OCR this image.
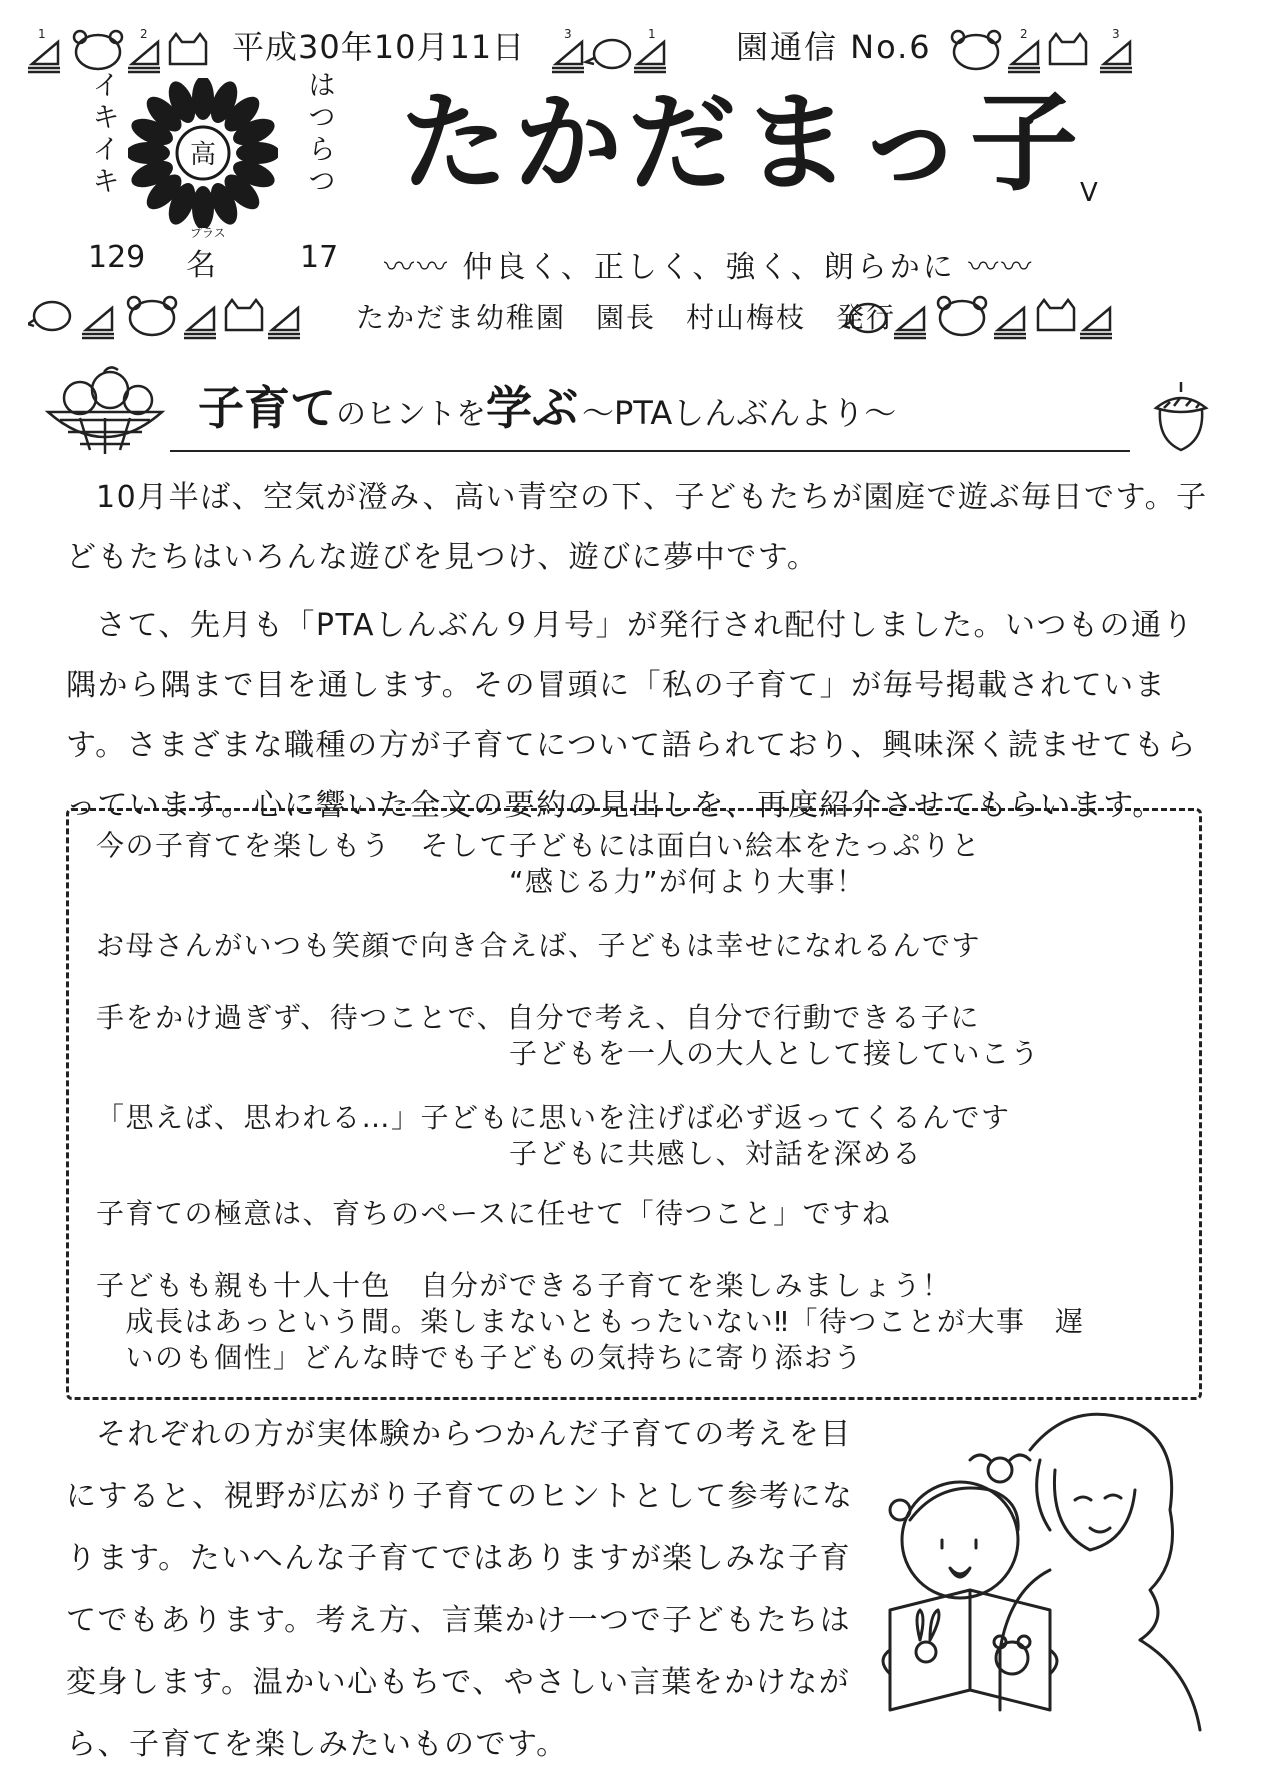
1	2	3	1	2	3
平成30年10月11日	園通信 No.6
高
イキイキ	はつらつ たかだまっ子
V
129
プラス
名	17 〰〰 仲良く、正しく、強く、朗らかに 〰〰
たかだま幼稚園　園長　村山梅枝　発行
子育てのヒントを学ぶ 〜PTAしんぶんより〜
10月半ば、空気が澄み、高い青空の下、子どもたちが園庭で遊ぶ毎日です。子どもたちはいろんな遊びを見つけ、遊びに夢中です。
さて、先月も「PTAしんぶん９月号」が発行され配付しました。いつもの通り隅から隅まで目を通します。その冒頭に「私の子育て」が毎号掲載されています。さまざまな職種の方が子育てについて語られており、興味深く読ませてもらっています。心に響いた全文の要約の見出しを、再度紹介させてもらいます。
今の子育てを楽しもう　そして子どもには面白い絵本をたっぷりと
　　　　　　　　　　　　　　“感じる力”が何より大事！
お母さんがいつも笑顔で向き合えば、子どもは幸せになれるんです
手をかけ過ぎず、待つことで、自分で考え、自分で行動できる子に
　　　　　　　　　　　　　　子どもを一人の大人として接していこう
「思えば、思われる…」子どもに思いを注げば必ず返ってくるんです
　　　　　　　　　　　　　　子どもに共感し、対話を深める
子育ての極意は、育ちのペースに任せて「待つこと」ですね
子どもも親も十人十色　自分ができる子育てを楽しみましょう！
　成長はあっという間。楽しまないともったいない‼「待つことが大事　遅
　いのも個性」どんな時でも子どもの気持ちに寄り添おう
それぞれの方が実体験からつかんだ子育ての考えを目にすると、視野が広がり子育てのヒントとして参考になります。たいへんな子育てではありますが楽しみな子育てでもあります。考え方、言葉かけ一つで子どもたちは変身します。温かい心もちで、やさしい言葉をかけながら、子育てを楽しみたいものです。
